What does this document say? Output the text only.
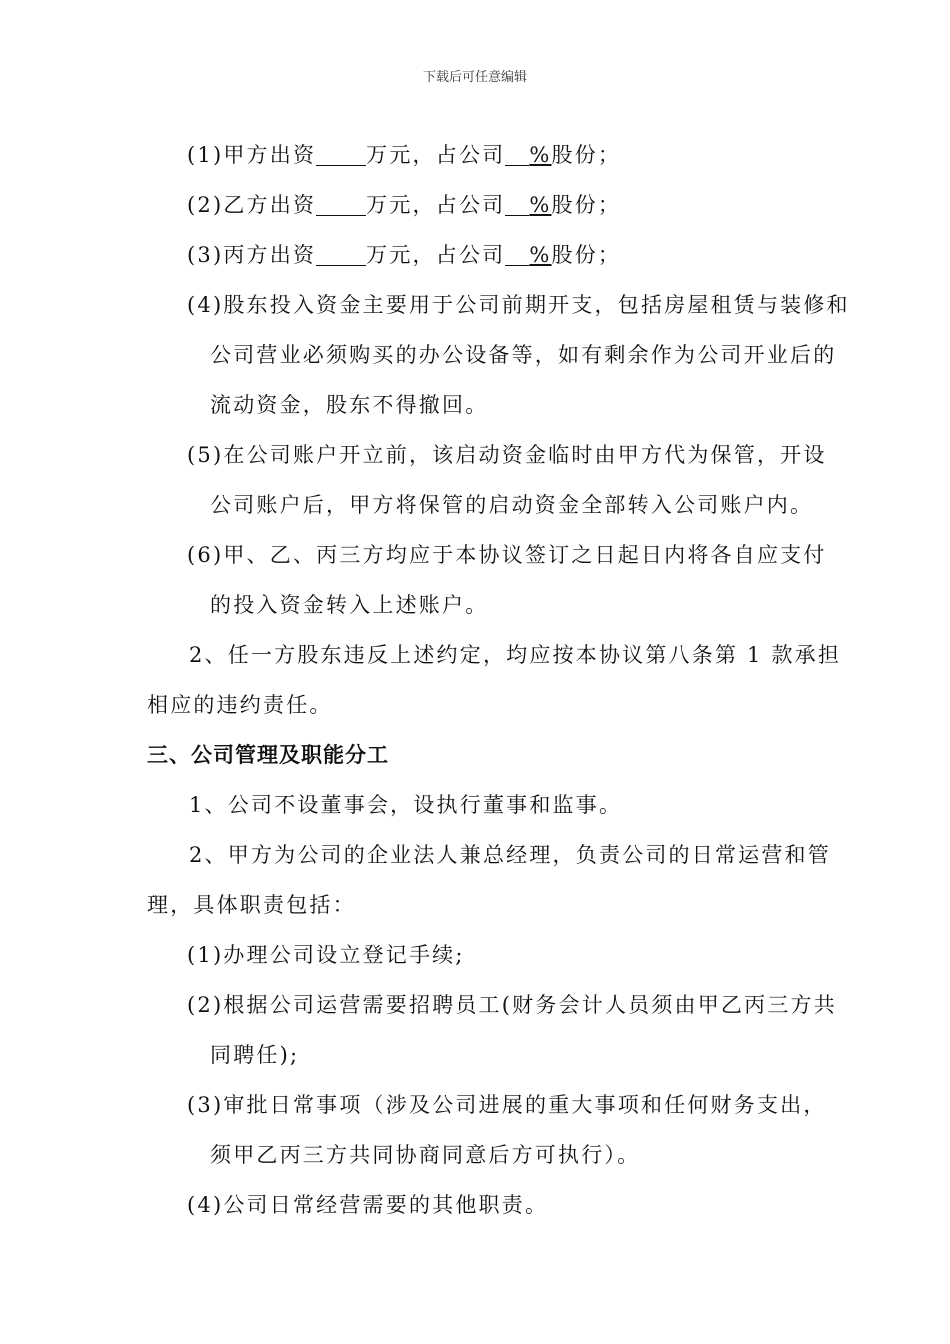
下载后可任意编辑
(1)甲方出资 万元，占公司 %股份；
(2)乙方出资 万元，占公司 %股份；
(3)丙方出资 万元，占公司 %股份；
(4)股东投入资金主要用于公司前期开支，包括房屋租赁与装修和
公司营业必须购买的办公设备等，如有剩余作为公司开业后的
流动资金，股东不得撤回。
(5)在公司账户开立前，该启动资金临时由甲方代为保管，开设
公司账户后，甲方将保管的启动资金全部转入公司账户内。
(6)甲、乙、丙三方均应于本协议签订之日起日内将各自应支付
的投入资金转入上述账户。
2、任一方股东违反上述约定，均应按本协议第八条第 1 款承担
相应的违约责任。
三、公司管理及职能分工
1、公司不设董事会，设执行董事和监事。
2、甲方为公司的企业法人兼总经理，负责公司的日常运营和管
理，具体职责包括：
(1)办理公司设立登记手续;
(2)根据公司运营需要招聘员工(财务会计人员须由甲乙丙三方共
同聘任);
(3)审批日常事项（涉及公司进展的重大事项和任何财务支出，
须甲乙丙三方共同协商同意后方可执行）。
(4)公司日常经营需要的其他职责。
